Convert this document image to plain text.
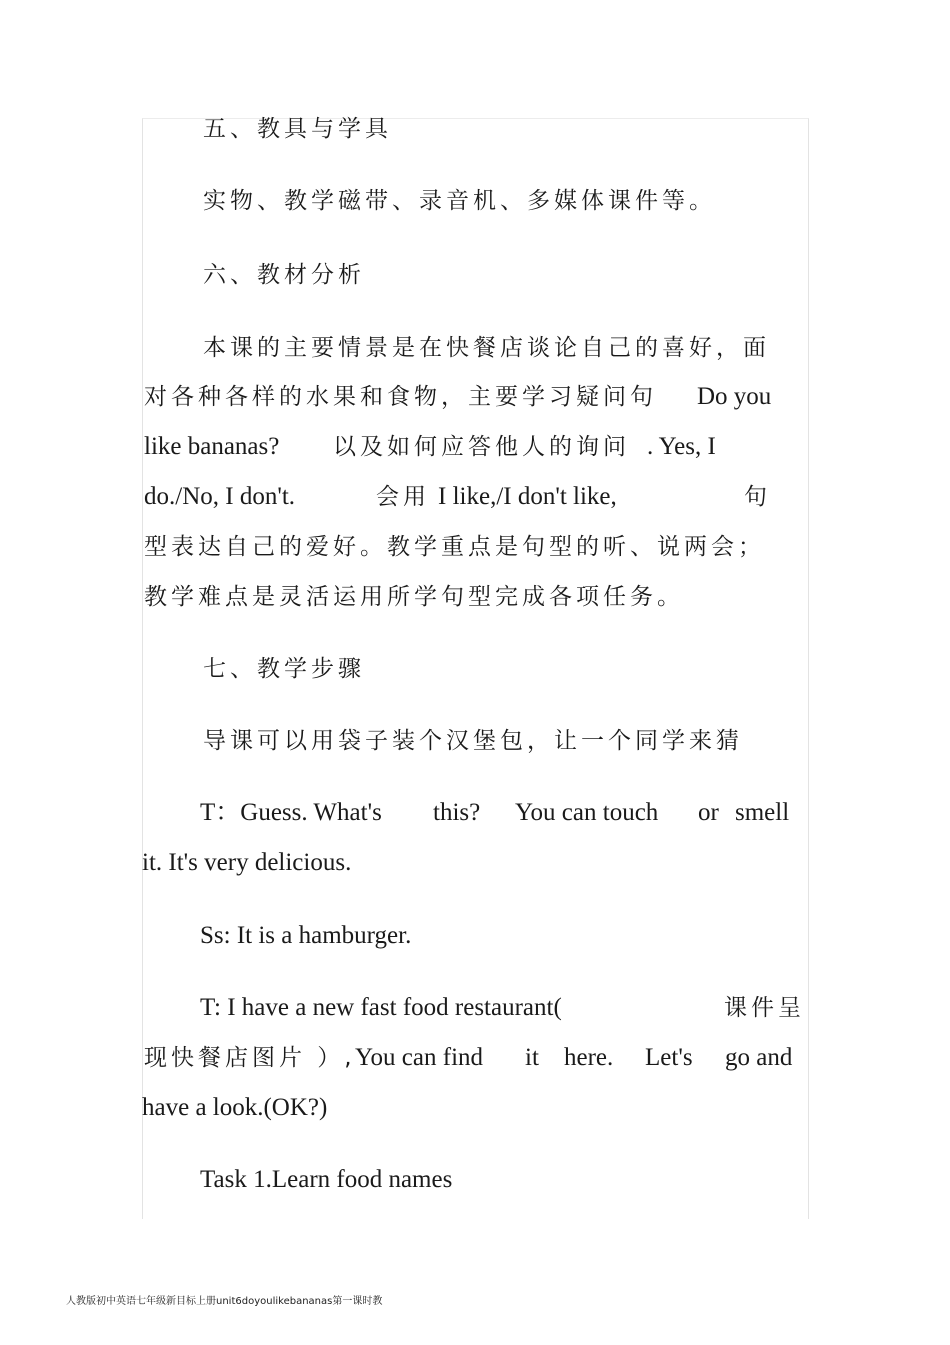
五、教具与学具
实物、教学磁带、录音机、多媒体课件等。
六、教材分析
本课的主要情景是在快餐店谈论自己的喜好，面
对各种各样的水果和食物，主要学习疑问句 Do you
like bananas? 以及如何应答他人的询问 . Yes, I
do./No, I don't.	会用 I like,/I don't like,	句
型表达自己的爱好。教学重点是句型的听、说两会；
教学难点是灵活运用所学句型完成各项任务。
七、教学步骤
导课可以用袋子装个汉堡包，让一个同学来猜
T：Guess. What's this? You can touch or smell
it. It's very delicious.
Ss: It is a hamburger.
T: I have a new fast food restaurant(	课件呈
现快餐店图片 ）, You can find it here. Let's go and
have a look.(OK?)
Task 1.Learn food names
人教版初中英语七年级新目标上册unit6doyoulikebananas第一课时教
